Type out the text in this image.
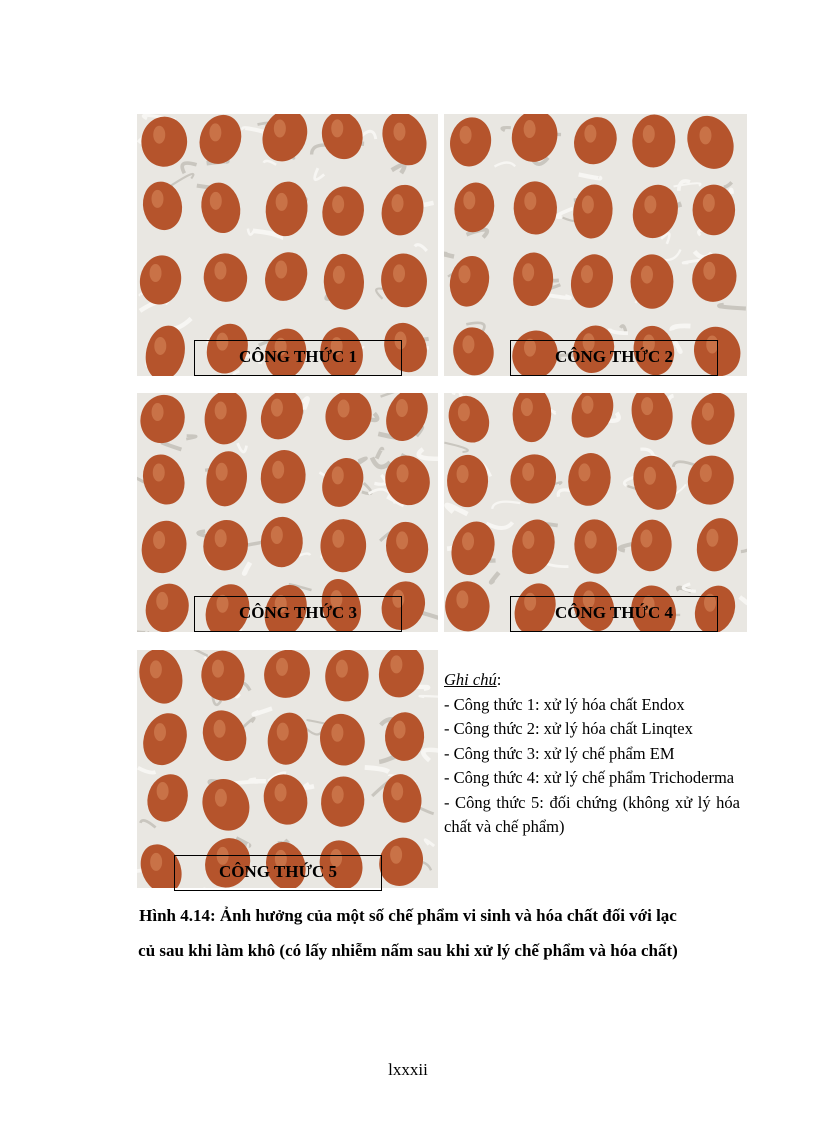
CÔNG THỨC 1	CÔNG THỨC 2
CÔNG THỨC 3	CÔNG THỨC 4
CÔNG THỨC 5
Ghi chú:
- Công thức 1: xử lý hóa chất Endox
- Công thức 2: xử lý hóa chất Linqtex
- Công thức 3: xử lý chế phẩm EM
- Công thức 4: xử lý chế phẩm Trichoderma
- Công thức 5: đối chứng (không xử lý hóa chất và chế phẩm)
Hình 4.14: Ảnh hưởng của một số chế phẩm vi sinh và hóa chất đối với lạc
củ sau khi làm khô (có lấy nhiễm nấm sau khi xử lý chế phẩm và hóa chất)
lxxxii
